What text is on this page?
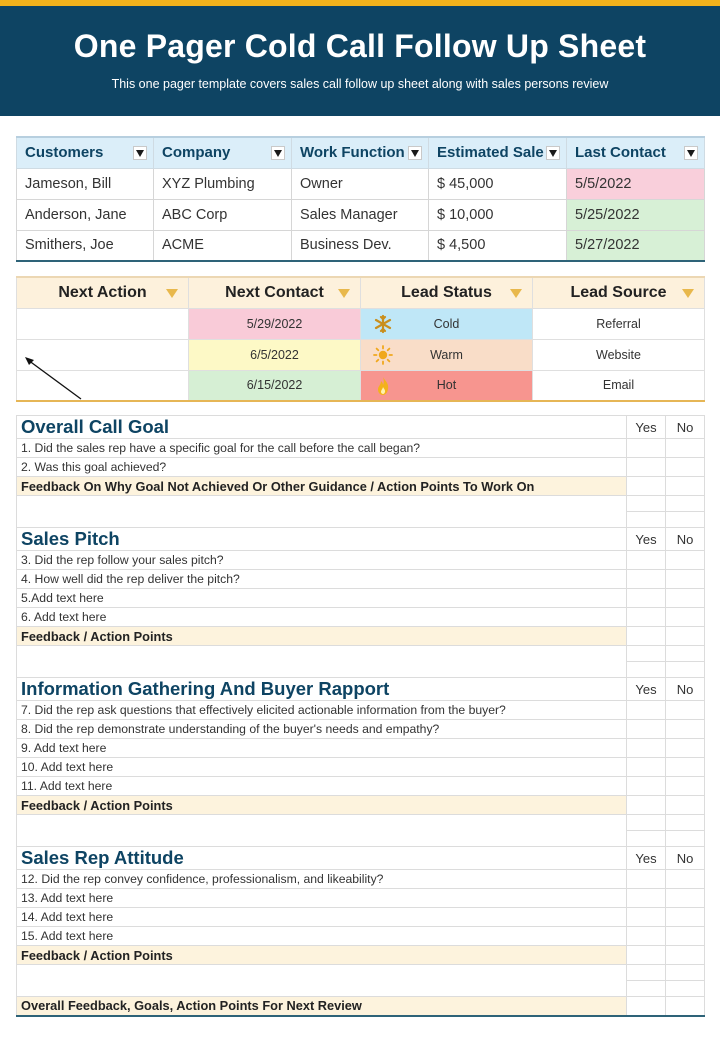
One Pager Cold Call Follow Up Sheet
This one pager template covers sales call follow up sheet along with sales persons review
Customers	Company	Work Function	Estimated Sale	Last Contact

Jameson, Bill	XYZ Plumbing	Owner	$ 45,000	5/5/2022
Anderson, Jane	ABC Corp	Sales Manager	$ 10,000	5/25/2022
Smithers, Joe	ACME	Business Dev.	$ 4,500	5/27/2022
Next Action	Next Contact	Lead Status	Lead Source

	5/29/2022	Cold	Referral
	6/5/2022	Warm	Website

	6/15/2022	Hot	Email
Overall Call Goal	Yes	No
1. Did the sales rep have a specific goal for the call before the call began?		
2. Was this goal achieved?		
Feedback On Why Goal Not Achieved Or Other Guidance / Action Points To Work On		

Sales Pitch	Yes	No
3. Did the rep follow your sales pitch?		
4. How well did the rep deliver the pitch?		
5.Add text here		
6. Add text here		
Feedback / Action Points		

Information Gathering And Buyer Rapport	Yes	No
7. Did the rep ask questions that effectively elicited actionable information from the buyer?		
8. Did the rep demonstrate understanding of the buyer's needs and empathy?		
9. Add text here		
10. Add text here		
11. Add text here		
Feedback / Action Points		

Sales Rep Attitude	Yes	No
12. Did the rep convey confidence, professionalism, and likeability?		
13. Add text here		
14. Add text here		
15. Add text here		
Feedback / Action Points		

Overall Feedback, Goals, Action Points For Next Review		
